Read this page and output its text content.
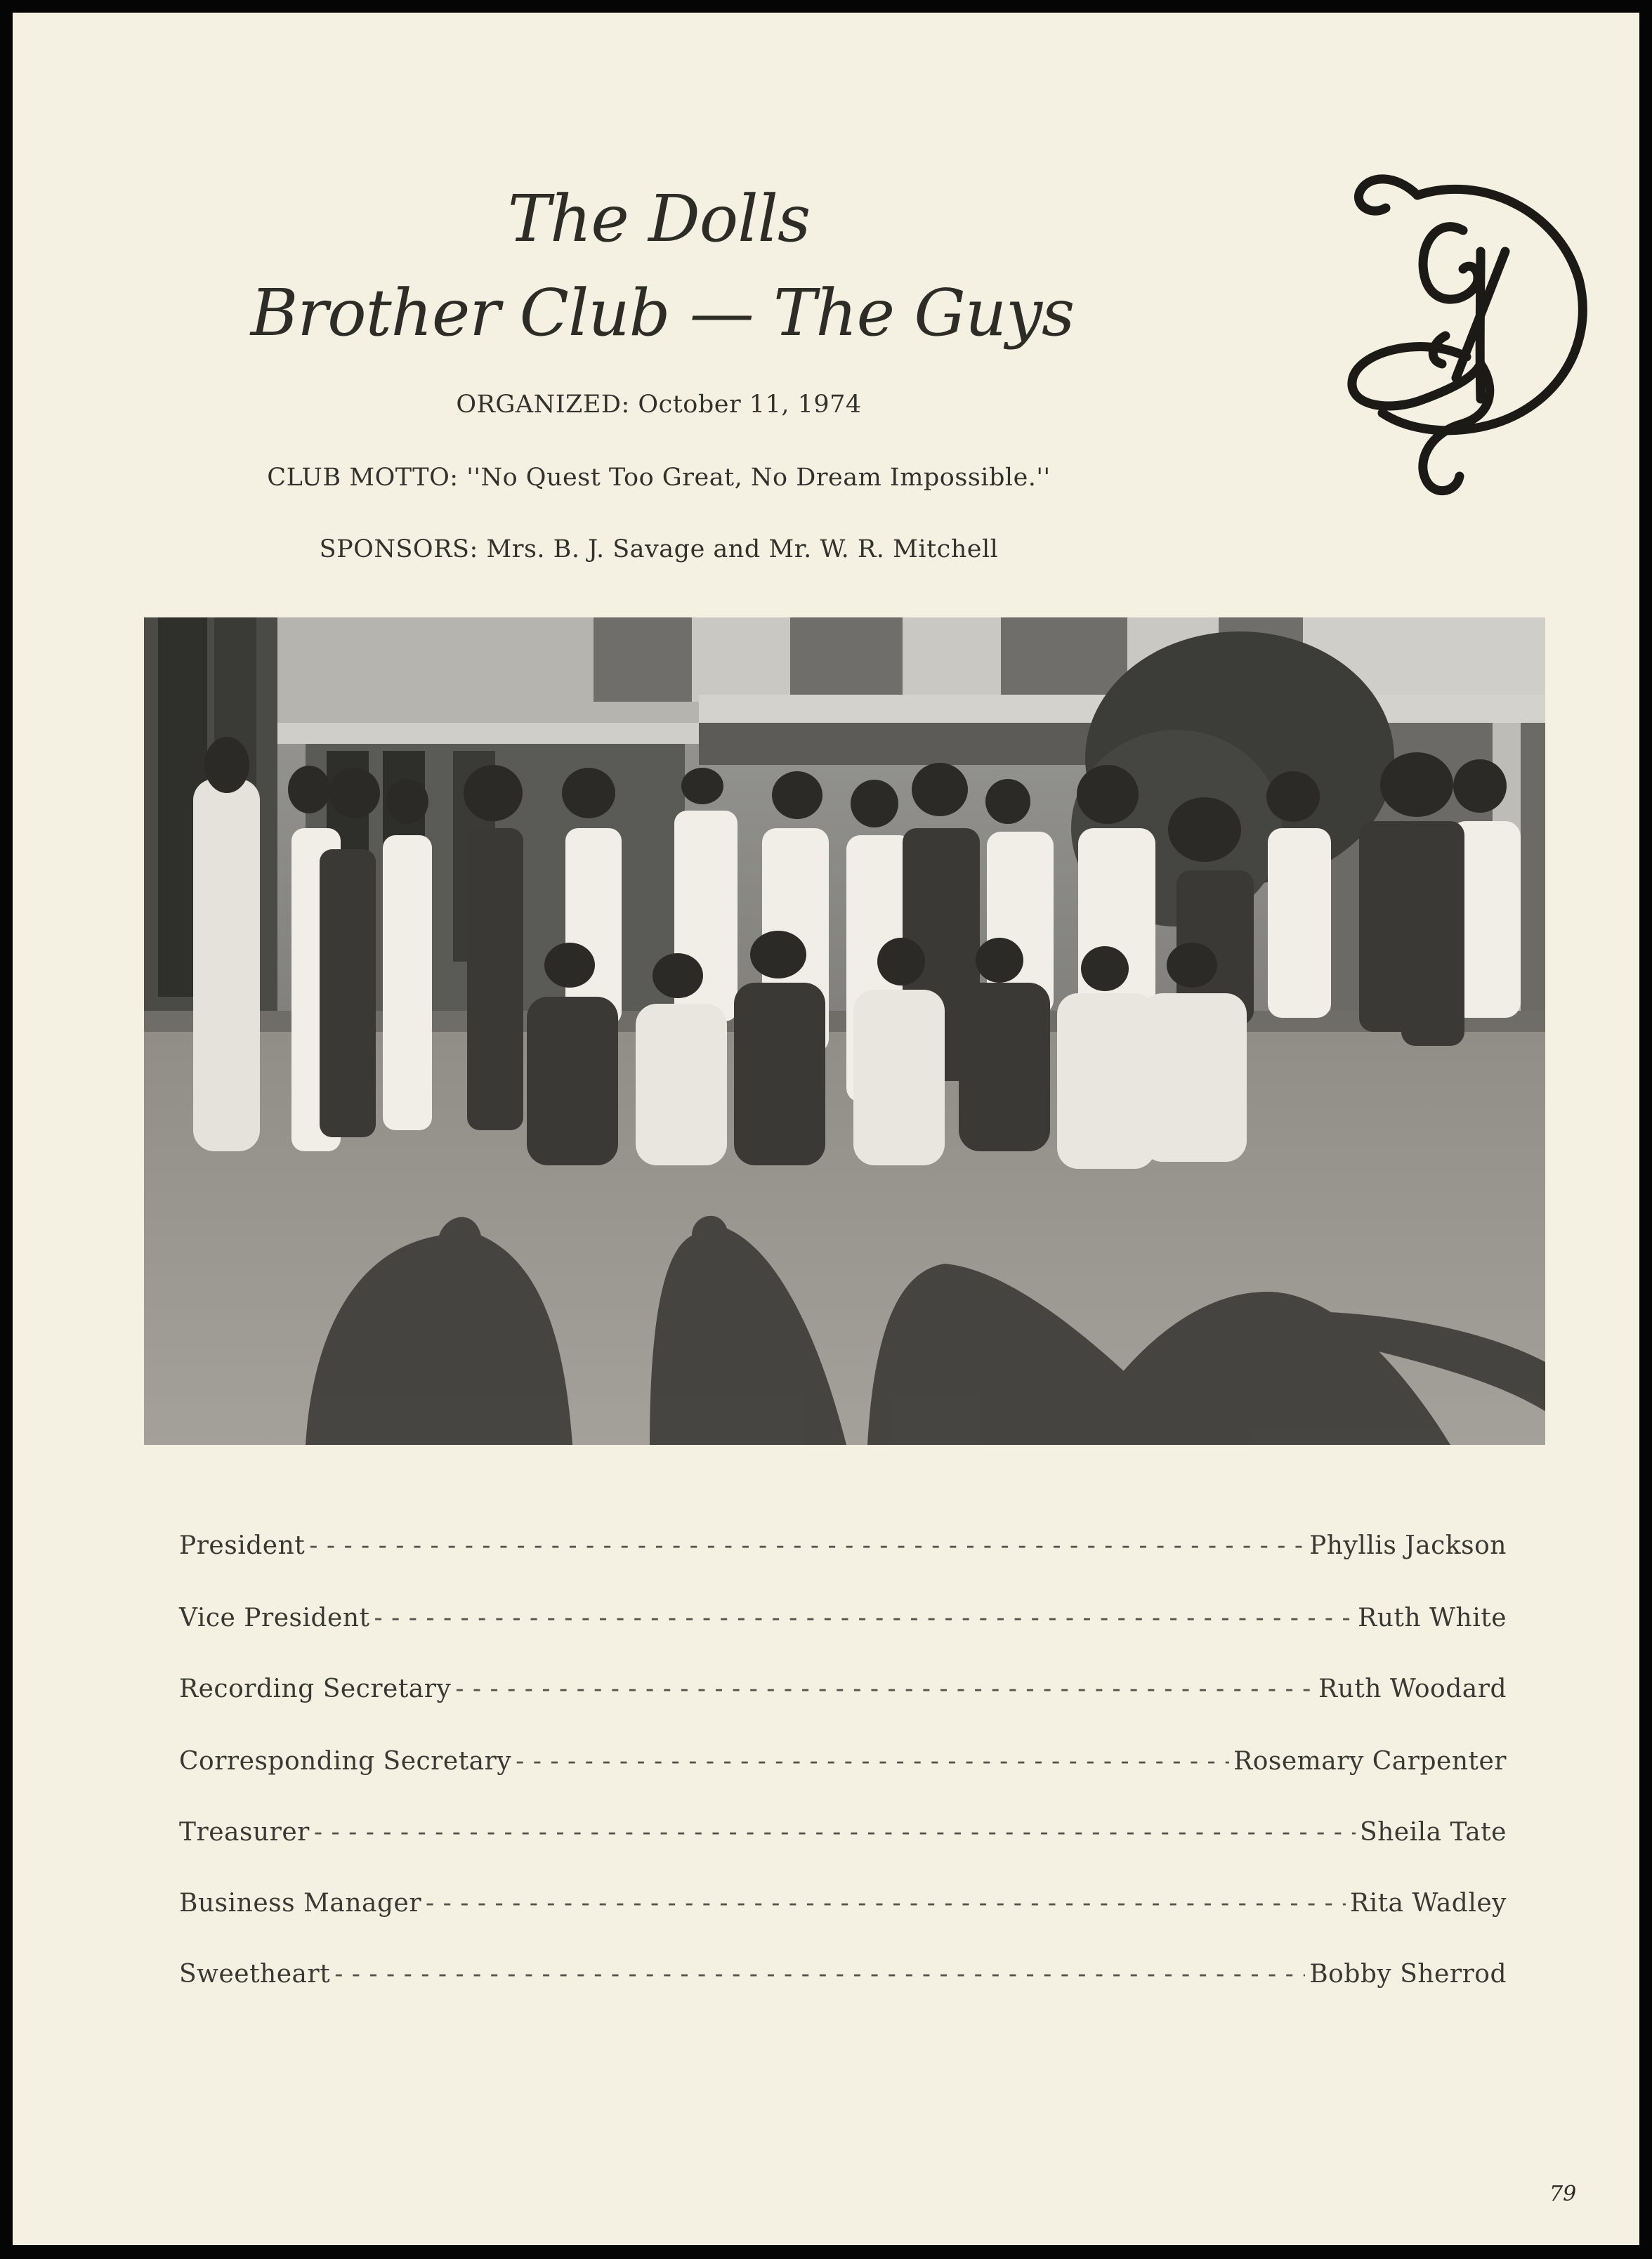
The Dolls
Brother Club — The Guys
ORGANIZED: October 11, 1974
CLUB MOTTO: ''No Quest Too Great, No Dream Impossible.''
SPONSORS: Mrs. B. J. Savage and Mr. W. R. Mitchell
President - - -	Phyllis Jackson
Vice President - - -	Ruth White
Recording Secretary - - -	Ruth Woodard
Corresponding Secretary - - -	Rosemary Carpenter
Treasurer - - -	Sheila Tate
Business Manager - - -	Rita Wadley
Sweetheart - - -	Bobby Sherrod
79
